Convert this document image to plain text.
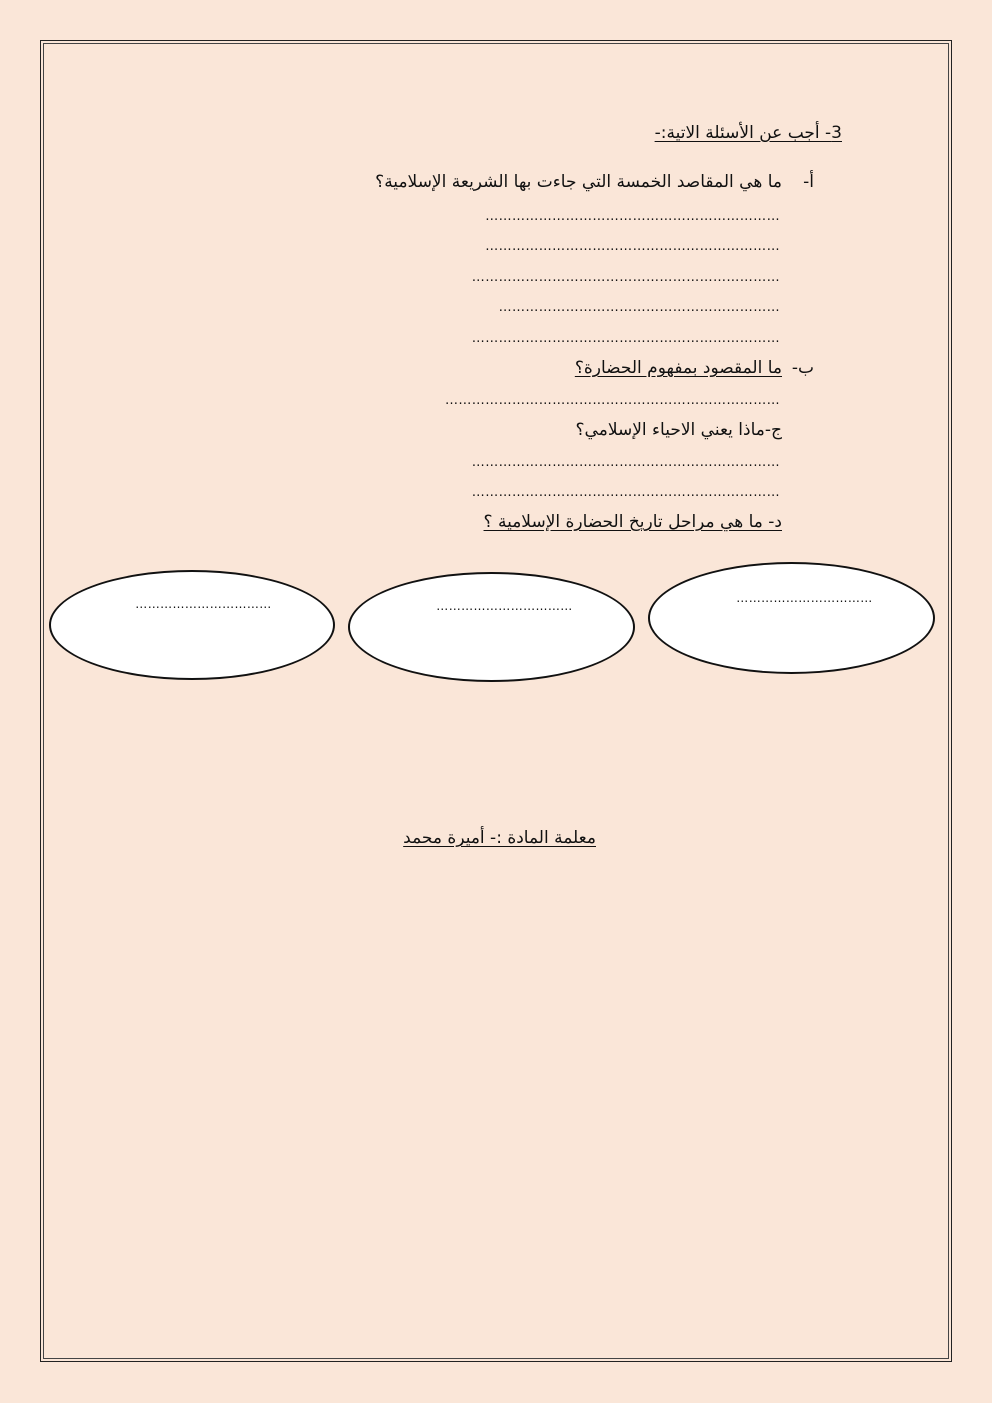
3- أجب عن الأسئلة الاتية:-
أ-
ما هي المقاصد الخمسة التي جاءت بها الشريعة الإسلامية؟
…………………………………………………………
…………………………………………………………
……………………………………………………………
………………………………………………………
……………………………………………………………
ب-
ما المقصود بمفهوم الحضارة؟
…………………………………………………………………
ج-ماذا يعني الاحياء الإسلامي؟
……………………………………………………………
……………………………………………………………
د- ما هي مراحل تاريخ الحضارة الإسلامية ؟
……………………………	……………………………
……………………………
معلمة المادة :- أميرة محمد
